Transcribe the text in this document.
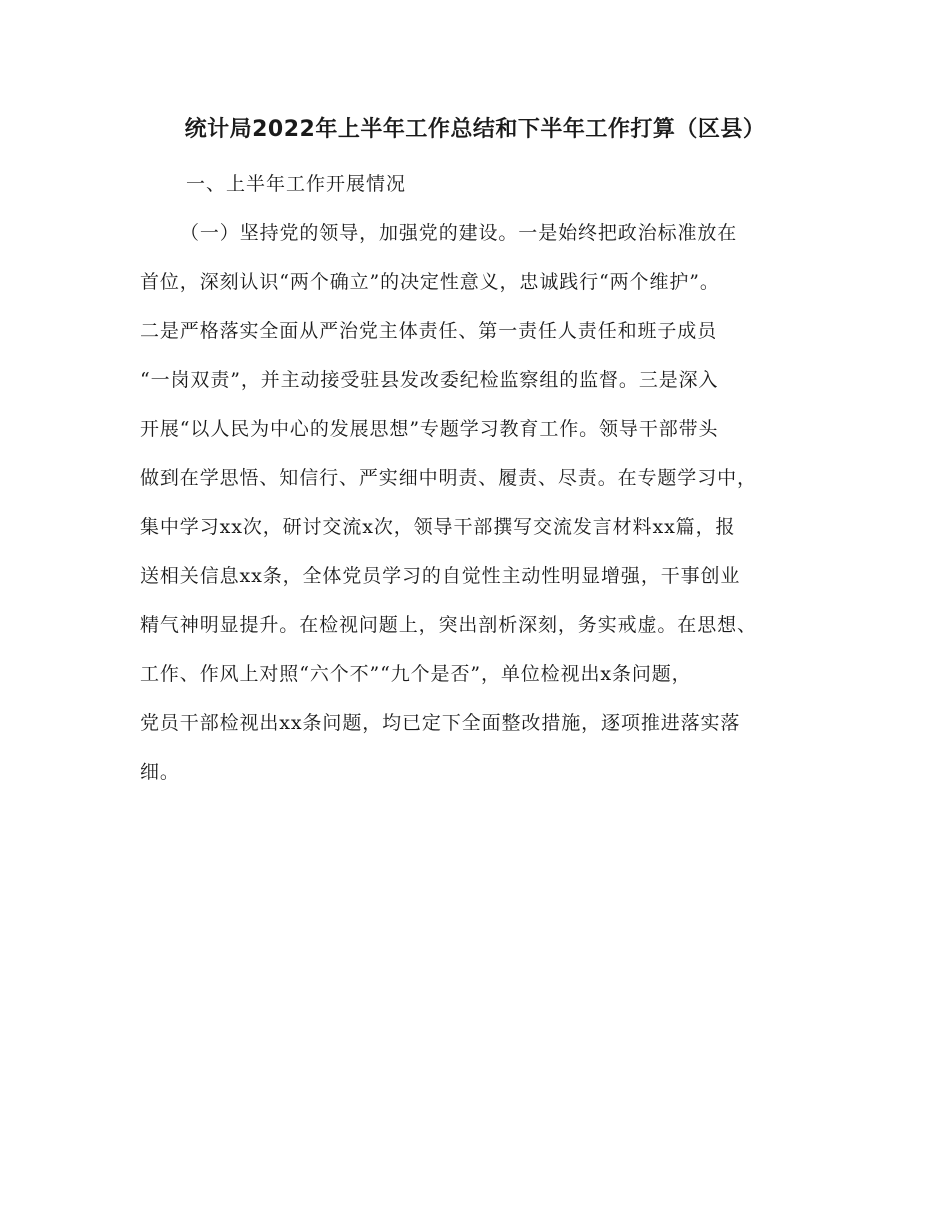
统计局2022年上半年工作总结和下半年工作打算（区县）

一、上半年工作开展情况

（一）坚持党的领导，加强党的建设。一是始终把政治标准放在
首位，深刻认识“两个确立”的决定性意义，忠诚践行“两个维护”。
二是严格落实全面从严治党主体责任、第一责任人责任和班子成员
“一岗双责”，并主动接受驻县发改委纪检监察组的监督。三是深入
开展“以人民为中心的发展思想”专题学习教育工作。领导干部带头
做到在学思悟、知信行、严实细中明责、履责、尽责。在专题学习中，
集中学习xx次，研讨交流x次，领导干部撰写交流发言材料xx篇，报
送相关信息xx条，全体党员学习的自觉性主动性明显增强，干事创业
精气神明显提升。在检视问题上，突出剖析深刻，务实戒虚。在思想、
工作、作风上对照“六个不”“九个是否”，单位检视出x条问题，
党员干部检视出xx条问题，均已定下全面整改措施，逐项推进落实落
细。
